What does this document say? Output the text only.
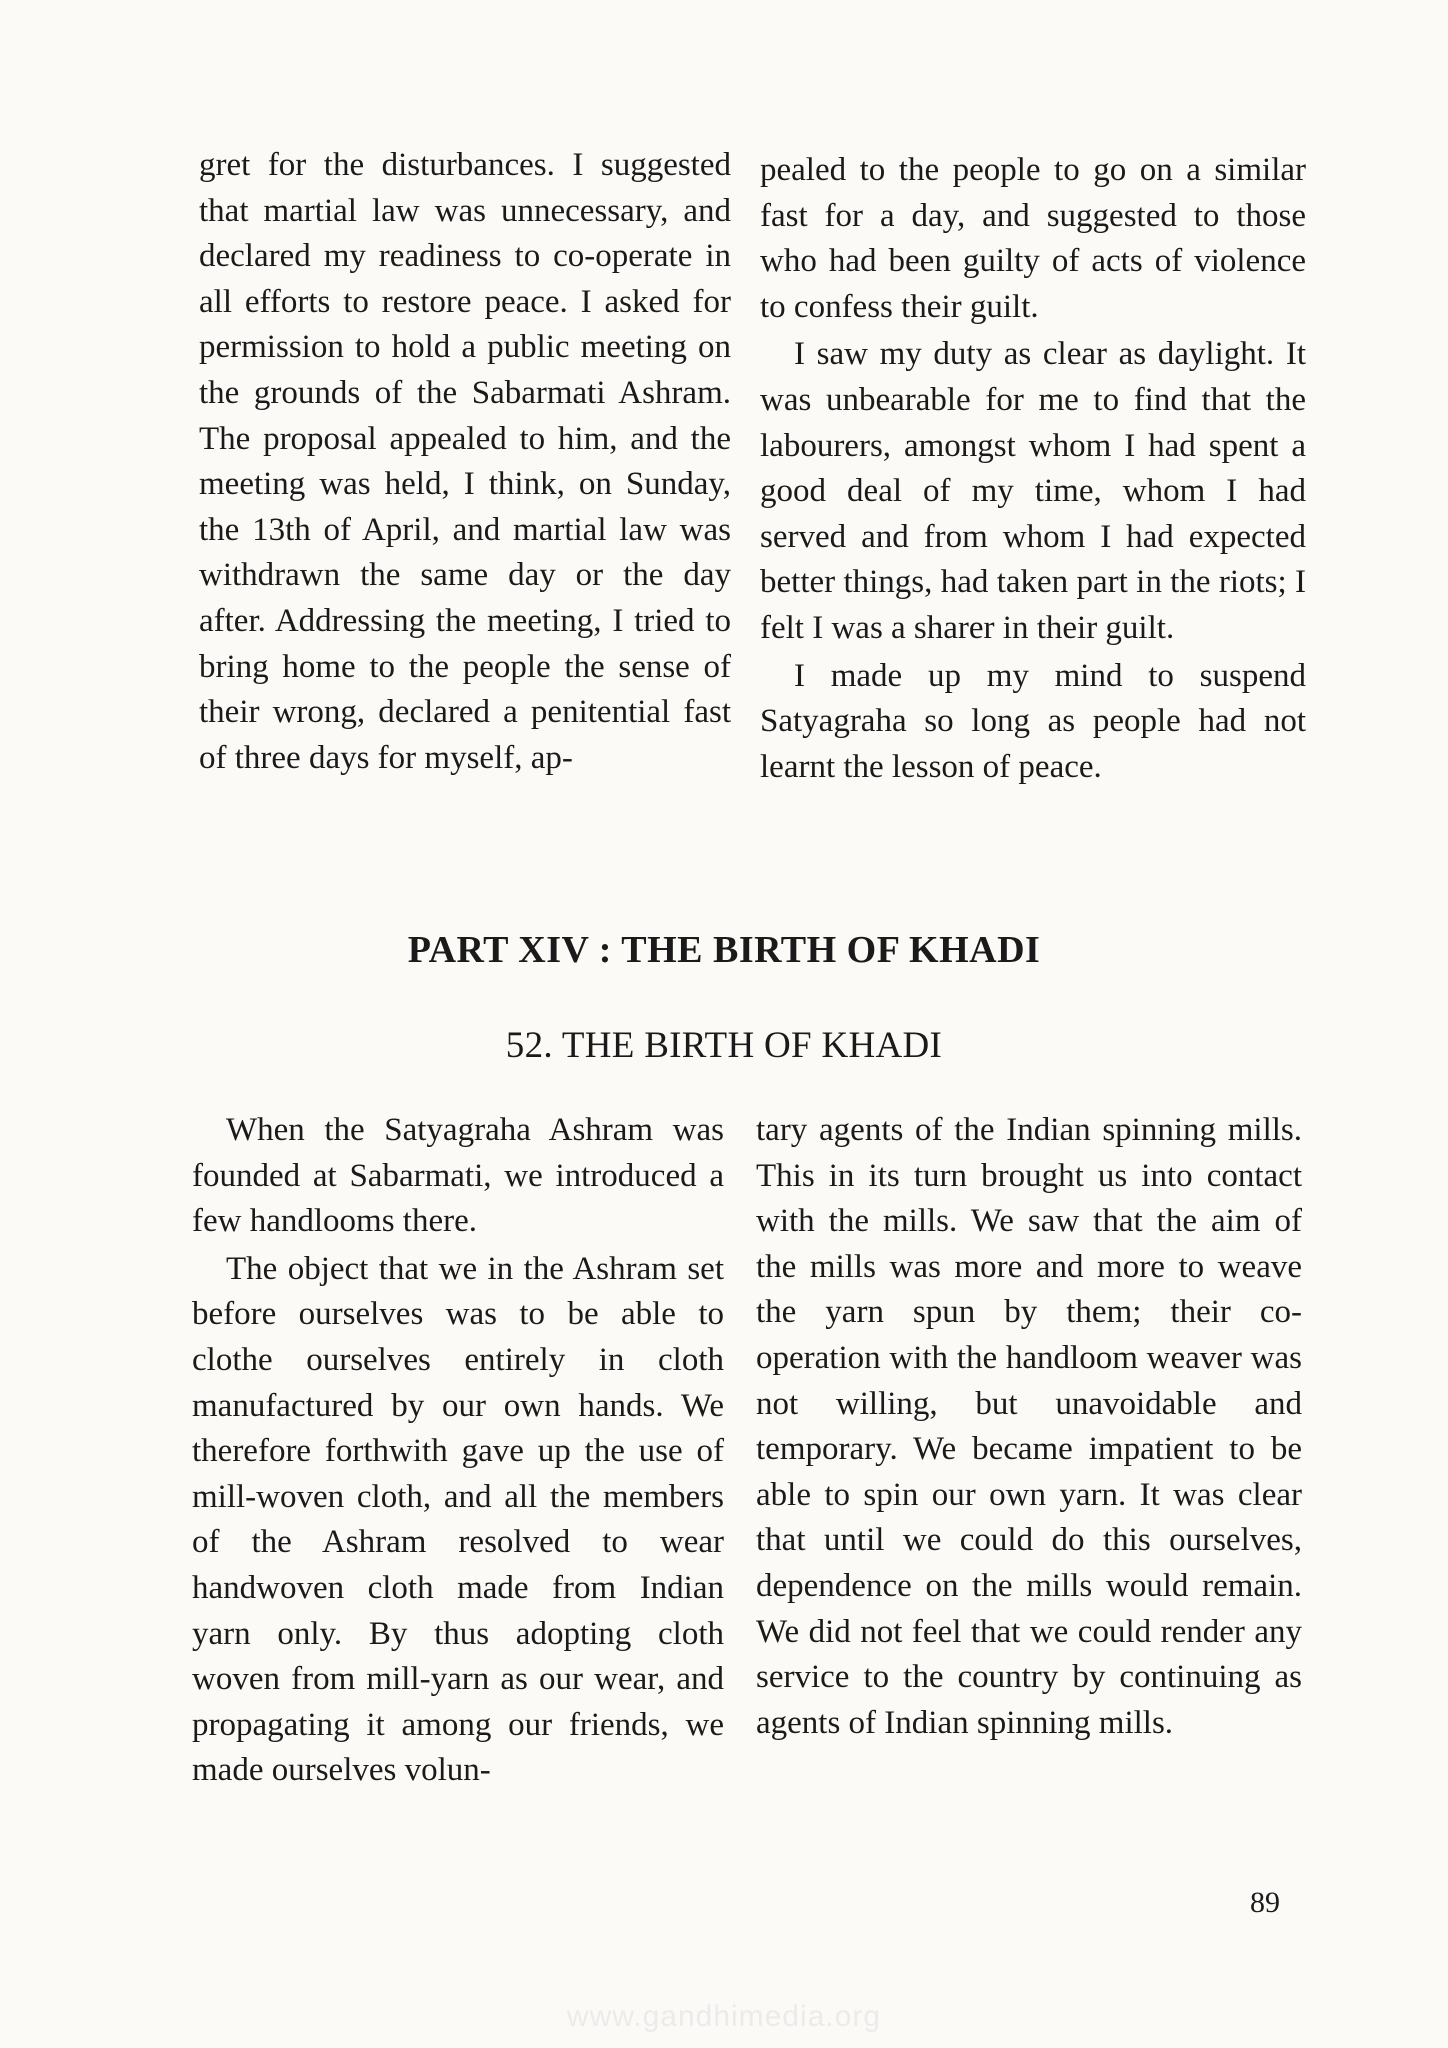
gret for the disturbances. I suggested that martial law was unnecessary, and declared my readiness to co-operate in all efforts to restore peace. I asked for permission to hold a public meeting on the grounds of the Sabarmati Ashram. The proposal appealed to him, and the meeting was held, I think, on Sunday, the 13th of April, and martial law was withdrawn the same day or the day after. Addressing the meeting, I tried to bring home to the people the sense of their wrong, declared a penitential fast of three days for myself, ap-

pealed to the people to go on a similar fast for a day, and suggested to those who had been guilty of acts of violence to confess their guilt.

I saw my duty as clear as daylight. It was unbearable for me to find that the labourers, amongst whom I had spent a good deal of my time, whom I had served and from whom I had expected better things, had taken part in the riots; I felt I was a sharer in their guilt.

I made up my mind to suspend Satyagraha so long as people had not learnt the lesson of peace.

PART XIV : THE BIRTH OF KHADI
52. THE BIRTH OF KHADI

When the Satyagraha Ashram was founded at Sabarmati, we introduced a few handlooms there.

The object that we in the Ashram set before ourselves was to be able to clothe ourselves entirely in cloth manufactured by our own hands. We therefore forthwith gave up the use of mill-woven cloth, and all the members of the Ashram resolved to wear handwoven cloth made from Indian yarn only. By thus adopting cloth woven from mill-yarn as our wear, and propagating it among our friends, we made ourselves volun-

tary agents of the Indian spinning mills. This in its turn brought us into contact with the mills. We saw that the aim of the mills was more and more to weave the yarn spun by them; their co-operation with the handloom weaver was not willing, but unavoidable and temporary. We became impatient to be able to spin our own yarn. It was clear that until we could do this ourselves, dependence on the mills would remain. We did not feel that we could render any service to the country by continuing as agents of Indian spinning mills.

89
www.gandhimedia.org
